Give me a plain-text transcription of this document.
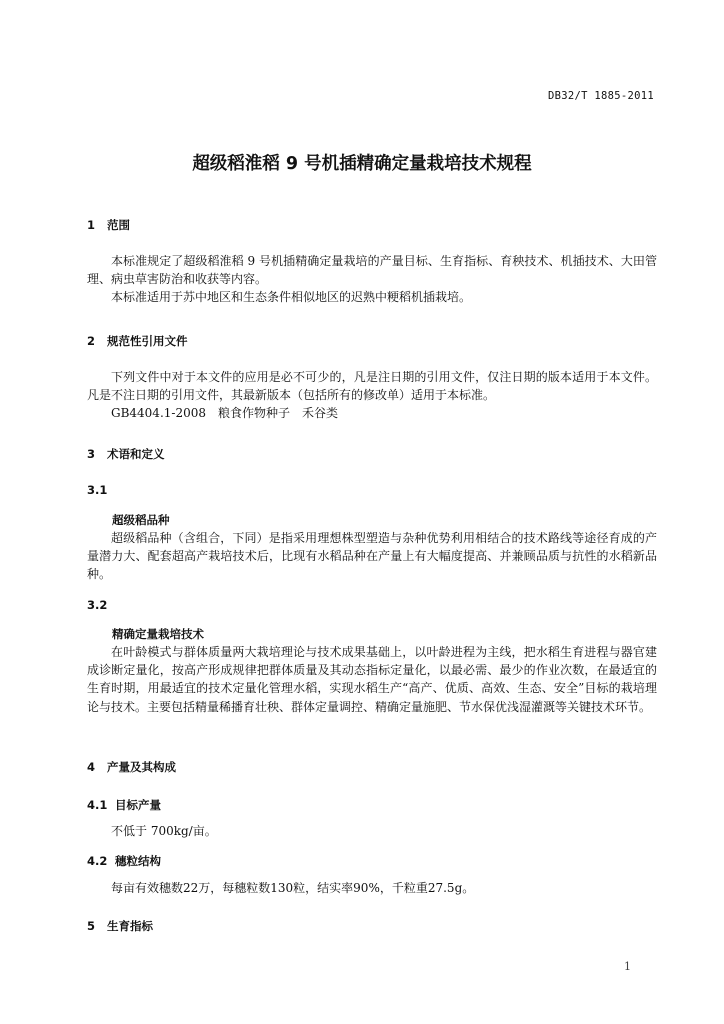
DB32/T 1885-2011
超级稻淮稻 9 号机插精确定量栽培技术规程
1 范围

本标准规定了超级稻淮稻 9 号机插精确定量栽培的产量目标、生育指标、育秧技术、机插技术、大田管理、病虫草害防治和收获等内容。

本标准适用于苏中地区和生态条件相似地区的迟熟中粳稻机插栽培。

2 规范性引用文件

下列文件中对于本文件的应用是必不可少的，凡是注日期的引用文件，仅注日期的版本适用于本文件。凡是不注日期的引用文件，其最新版本（包括所有的修改单）适用于本标准。

GB4404.1-2008　粮食作物种子　禾谷类

3 术语和定义
3.1
超级稻品种

超级稻品种（含组合，下同）是指采用理想株型塑造与杂种优势利用相结合的技术路线等途径育成的产量潜力大、配套超高产栽培技术后，比现有水稻品种在产量上有大幅度提高、并兼顾品质与抗性的水稻新品种。

3.2
精确定量栽培技术

在叶龄模式与群体质量两大栽培理论与技术成果基础上，以叶龄进程为主线，把水稻生育进程与器官建成诊断定量化，按高产形成规律把群体质量及其动态指标定量化，以最必需、最少的作业次数，在最适宜的生育时期，用最适宜的技术定量化管理水稻，实现水稻生产“高产、优质、高效、生态、安全”目标的栽培理论与技术。主要包括精量稀播育壮秧、群体定量调控、精确定量施肥、节水保优浅湿灌溉等关键技术环节。

4 产量及其构成
4.1 目标产量

不低于 700kg/亩。

4.2 穗粒结构

每亩有效穗数22万，每穗粒数130粒，结实率90%，千粒重27.5g。

5 生育指标
1
